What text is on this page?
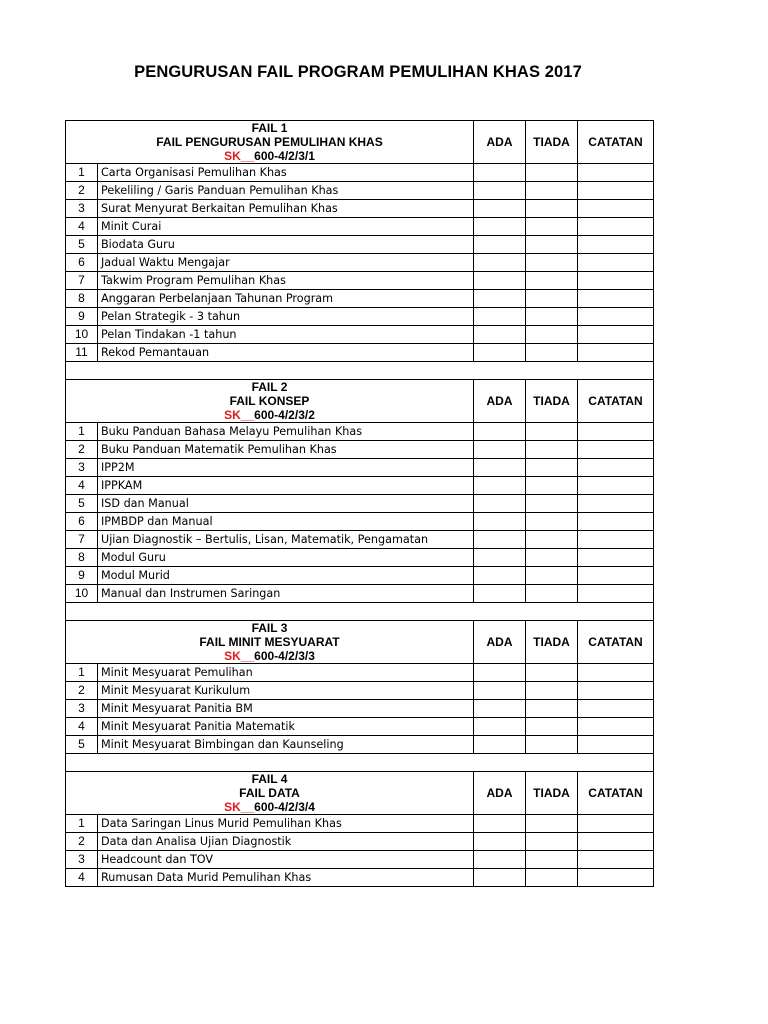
PENGURUSAN FAIL PROGRAM PEMULIHAN KHAS 2017
FAIL 1
FAIL PENGURUSAN PEMULIHAN KHAS
SK__600-4/2/3/1		ADA	TIADA	CATATAN
1	Carta Organisasi Pemulihan Khas			
2	Pekeliling / Garis Panduan Pemulihan Khas			
3	Surat Menyurat Berkaitan Pemulihan Khas			
4	Minit Curai			
5	Biodata Guru			
6	Jadual Waktu Mengajar			
7	Takwim Program Pemulihan Khas			
8	Anggaran Perbelanjaan Tahunan Program			
9	Pelan Strategik - 3 tahun			
10	Pelan Tindakan -1 tahun			
11	Rekod Pemantauan			

FAIL 2
FAIL KONSEP
SK__600-4/2/3/2		ADA	TIADA	CATATAN
1	Buku Panduan Bahasa Melayu Pemulihan Khas			
2	Buku Panduan Matematik Pemulihan Khas			
3	IPP2M			
4	IPPKAM			
5	ISD dan Manual			
6	IPMBDP dan Manual			
7	Ujian Diagnostik – Bertulis, Lisan, Matematik, Pengamatan			
8	Modul Guru			
9	Modul Murid			
10	Manual dan Instrumen Saringan			

FAIL 3
FAIL MINIT MESYUARAT
SK__600-4/2/3/3		ADA	TIADA	CATATAN
1	Minit Mesyuarat Pemulihan			
2	Minit Mesyuarat Kurikulum			
3	Minit Mesyuarat Panitia BM			
4	Minit Mesyuarat Panitia Matematik			
5	Minit Mesyuarat Bimbingan dan Kaunseling			

FAIL 4
FAIL DATA
SK__600-4/2/3/4		ADA	TIADA	CATATAN
1	Data Saringan Linus Murid Pemulihan Khas			
2	Data dan Analisa Ujian Diagnostik			
3	Headcount dan TOV			
4	Rumusan Data Murid Pemulihan Khas			
